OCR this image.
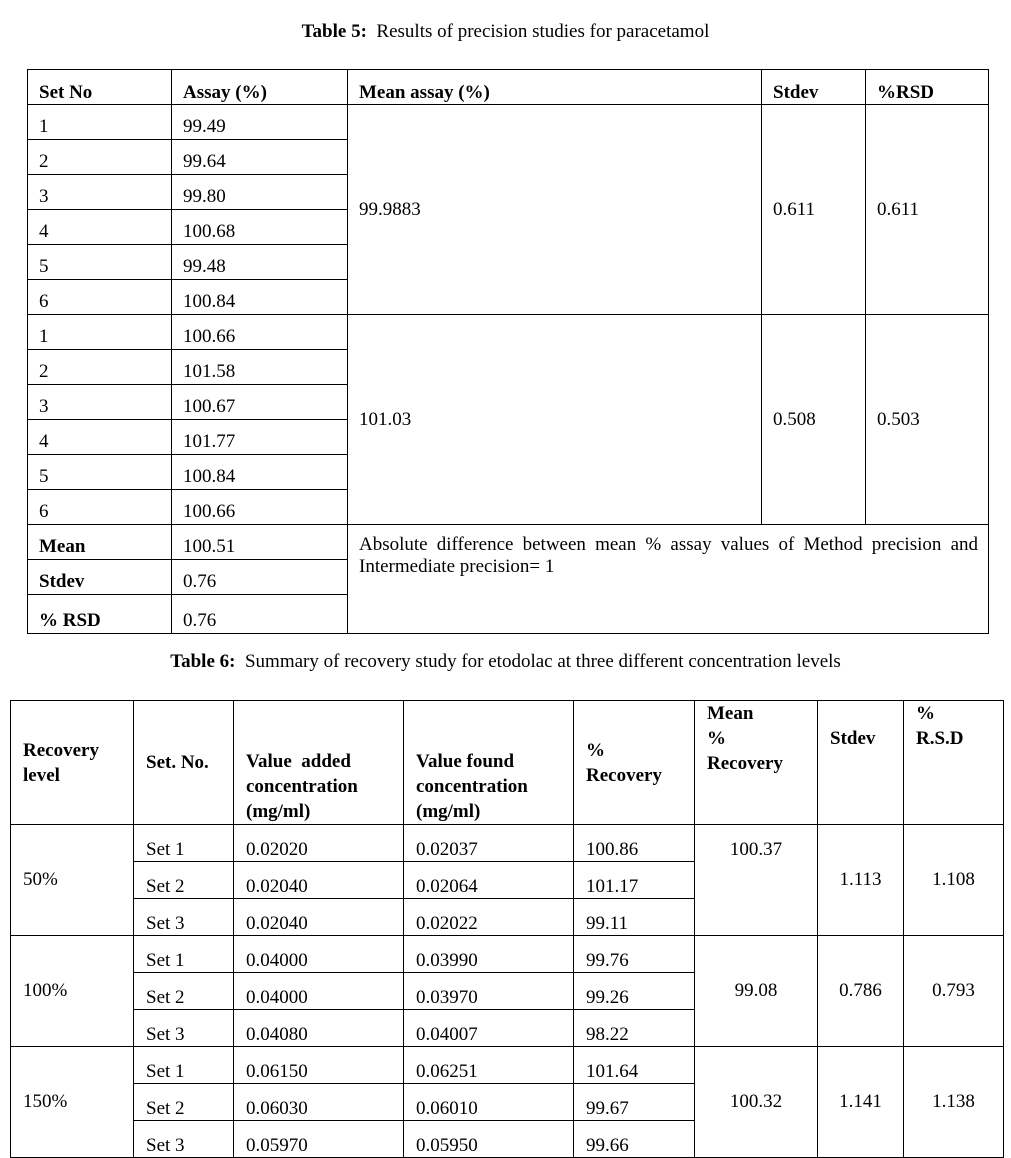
Table 5: Results of precision studies for paracetamol
Set No	Assay (%)	Mean assay (%)	Stdev	%RSD
1	99.49	99.9883	0.611	0.611
2	99.64			
3	99.80			
4	100.68			
5	99.48			
6	100.84			
1	100.66	101.03	0.508	0.503
2	101.58			
3	100.67			
4	101.77			
5	100.84			
6	100.66			
Mean	100.51	Absolute difference between mean % assay values of Method precision and Intermediate precision= 1		
Stdev	0.76			
% RSD	0.76			
Table 6: Summary of recovery study for etodolac at three different concentration levels
Recovery
level	Set. No.	Value  added
concentration
(mg/ml)	Value found
concentration
(mg/ml)	%
Recovery	Mean
%
Recovery	Stdev	%
R.S.D
50%	Set 1	0.02020	0.02037	100.86	100.37	1.113	1.108
	Set 2	0.02040	0.02064	101.17			
	Set 3	0.02040	0.02022	99.11			
100%	Set 1	0.04000	0.03990	99.76	99.08	0.786	0.793
	Set 2	0.04000	0.03970	99.26			
	Set 3	0.04080	0.04007	98.22			
150%	Set 1	0.06150	0.06251	101.64	100.32	1.141	1.138
	Set 2	0.06030	0.06010	99.67			
	Set 3	0.05970	0.05950	99.66			
